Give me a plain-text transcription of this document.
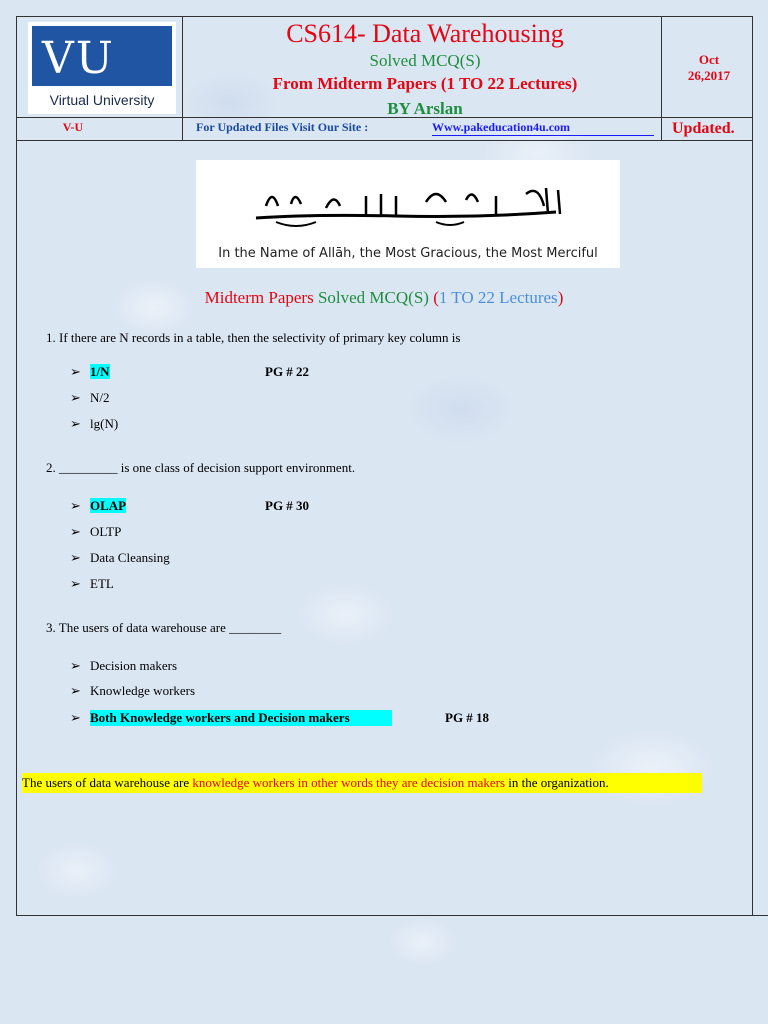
VU
Virtual University
CS614- Data Warehousing
Solved MCQ(S)
From Midterm Papers (1 TO 22 Lectures)
BY Arslan
Oct
26,2017
V-U	For Updated Files Visit Our Site :	Www.pakeducation4u.com	Updated.
In the Name of Allāh, the Most Gracious, the Most Merciful
Midterm Papers Solved MCQ(S) (1 TO 22 Lectures)
1. If there are N records in a table, then the selectivity of primary key column is
➢ 1/N	PG # 22
➢ N/2
➢ lg(N)
2. _________ is one class of decision support environment.
➢ OLAP	PG # 30
➢ OLTP
➢ Data Cleansing
➢ ETL
3. The users of data warehouse are ________
➢ Decision makers
➢ Knowledge workers
➢ Both Knowledge workers and Decision makers	PG # 18
The users of data warehouse are knowledge workers in other words they are decision makers in the organization.
